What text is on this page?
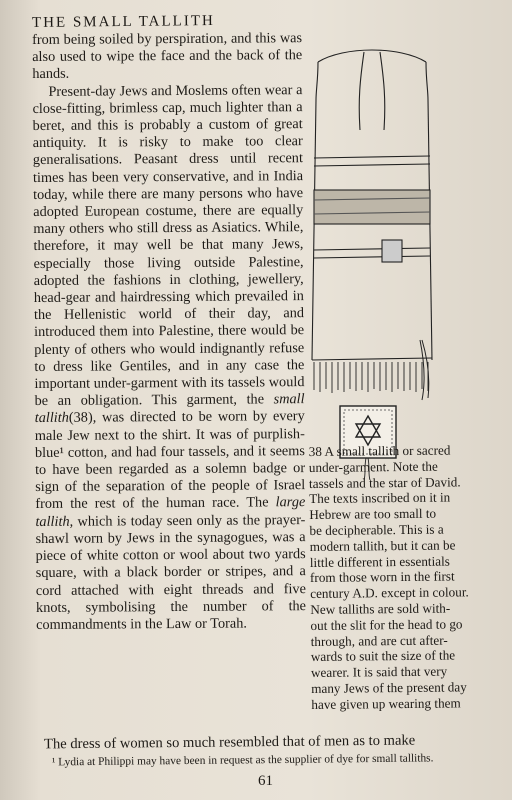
THE SMALL TALLITH

from being soiled by perspiration, and this was also used to wipe the face and the back of the hands.

Present-day Jews and Moslems often wear a close-fitting, brimless cap, much lighter than a beret, and this is probably a custom of great antiquity. It is risky to make too clear generalisations. Peasant dress until recent times has been very conservative, and in India today, while there are many persons who have adopted European costume, there are equally many others who still dress as Asiatics. While, therefore, it may well be that many Jews, especially those living outside Palestine, adopted the fashions in clothing, jewellery, head-gear and hairdressing which prevailed in the Hellenistic world of their day, and introduced them into Palestine, there would be plenty of others who would indignantly refuse to dress like Gentiles, and in any case the important under-garment with its tassels would be an obligation. This garment, the small tallith(38), was directed to be worn by every male Jew next to the shirt. It was of purplish-blue¹ cotton, and had four tassels, and it seems to have been regarded as a solemn badge or sign of the separation of the people of Israel from the rest of the human race. The large tallith, which is today seen only as the prayer-shawl worn by Jews in the synagogues, was a piece of white cotton or wool about two yards square, with a black border or stripes, and a cord attached with eight threads and five knots, symbolising the number of the commandments in the Law or Torah.

38 A small tallith or sacred
under-garment. Note the
tassels and the star of David.
The texts inscribed on it in
Hebrew are too small to
be decipherable. This is a
modern tallith, but it can be
little different in essentials
from those worn in the first
century A.D. except in colour.
New talliths are sold with-
out the slit for the head to go
through, and are cut after-
wards to suit the size of the
wearer. It is said that very
many Jews of the present day
have given up wearing them
The dress of women so much resembled that of men as to make
¹ Lydia at Philippi may have been in request as the supplier of dye for small talliths.
61
